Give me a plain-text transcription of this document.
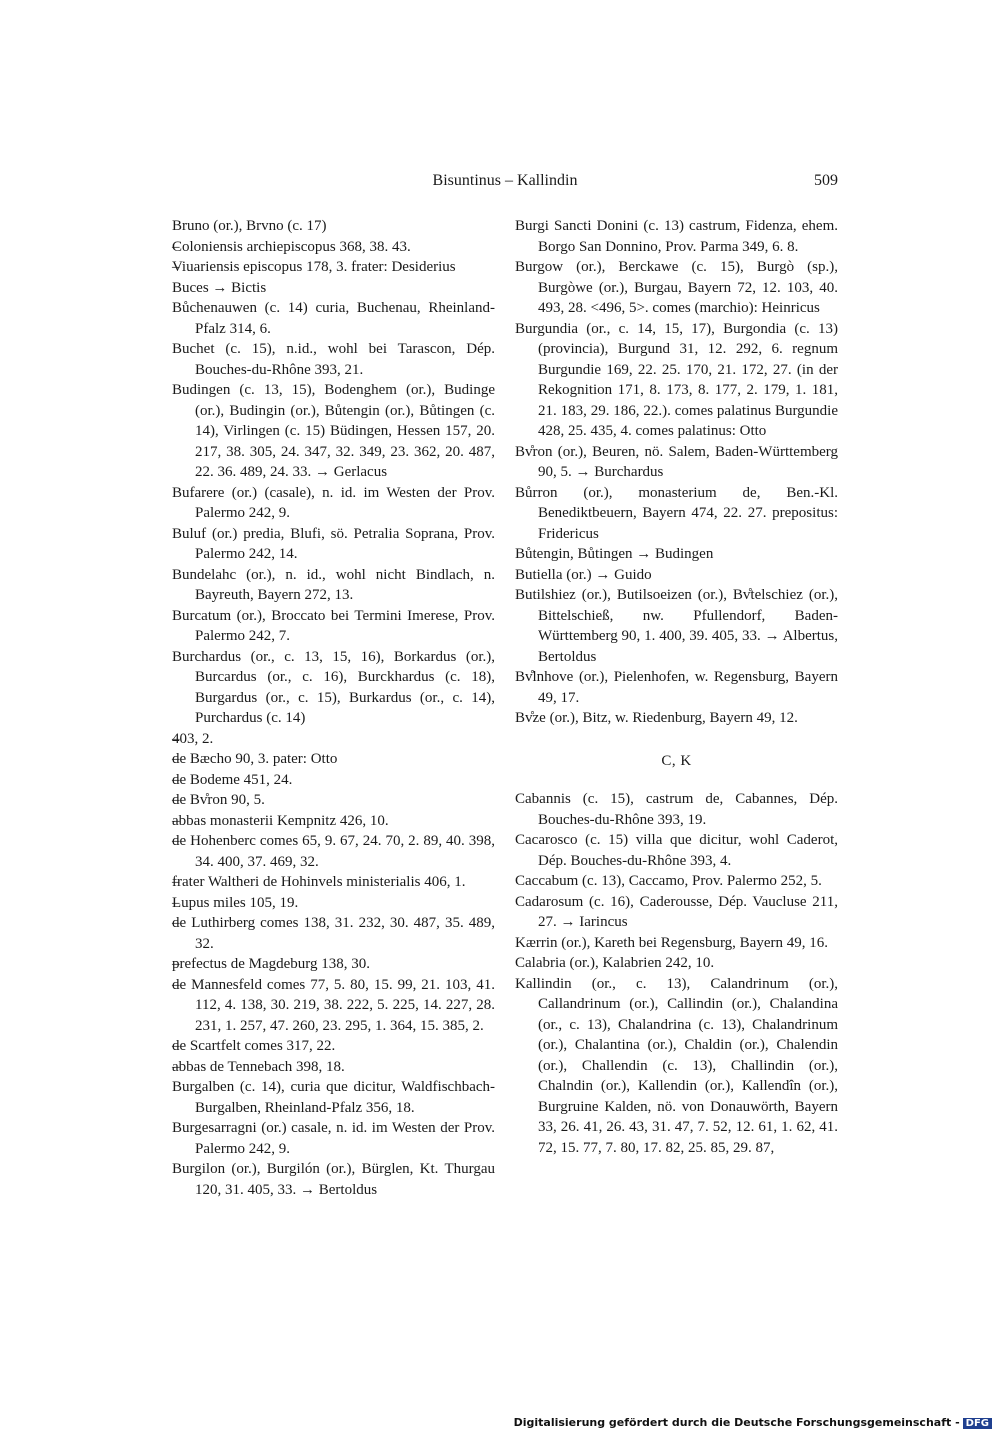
Bisuntinus – Kallindin	509

Bruno (or.), Brvno (c. 17)

– Coloniensis archiepiscopus 368, 38. 43.

– Viuariensis episcopus 178, 3. frater: Desiderius

Buces → Bictis

Bůchenauwen (c. 14) curia, Buchenau, Rheinland-Pfalz 314, 6.

Buchet (c. 15), n.id., wohl bei Tarascon, Dép. Bouches-du-Rhône 393, 21.

Budingen (c. 13, 15), Bodenghem (or.), Budinge (or.), Budingin (or.), Bůtengin (or.), Bůtingen (c. 14), Virlingen (c. 15) Büdingen, Hessen 157, 20. 217, 38. 305, 24. 347, 32. 349, 23. 362, 20. 487, 22. 36. 489, 24. 33. → Gerlacus

Bufarere (or.) (casale), n. id. im Westen der Prov. Palermo 242, 9.

Buluf (or.) predia, Blufi, sö. Petralia Soprana, Prov. Palermo 242, 14.

Bundelahc (or.), n. id., wohl nicht Bindlach, n. Bayreuth, Bayern 272, 13.

Burcatum (or.), Broccato bei Termini Imerese, Prov. Palermo 242, 7.

Burchardus (or., c. 13, 15, 16), Borkardus (or.), Burcardus (or., c. 16), Burckhardus (c. 18), Burgardus (or., c. 15), Burkardus (or., c. 14), Purchardus (c. 14)

– 403, 2.

– de Bæcho 90, 3. pater: Otto

– de Bodeme 451, 24.

– de Bv̊ron 90, 5.

– abbas monasterii Kempnitz 426, 10.

– de Hohenberc comes 65, 9. 67, 24. 70, 2. 89, 40. 398, 34. 400, 37. 469, 32.

– frater Waltheri de Hohinvels ministerialis 406, 1.

– Lupus miles 105, 19.

– de Luthirberg comes 138, 31. 232, 30. 487, 35. 489, 32.

– prefectus de Magdeburg 138, 30.

– de Mannesfeld comes 77, 5. 80, 15. 99, 21. 103, 41. 112, 4. 138, 30. 219, 38. 222, 5. 225, 14. 227, 28. 231, 1. 257, 47. 260, 23. 295, 1. 364, 15. 385, 2.

– de Scartfelt comes 317, 22.

– abbas de Tennebach 398, 18.

Burgalben (c. 14), curia que dicitur, Waldfischbach-Burgalben, Rheinland-Pfalz 356, 18.

Burgesarragni (or.) casale, n. id. im Westen der Prov. Palermo 242, 9.

Burgilon (or.), Burgilón (or.), Bürglen, Kt. Thurgau 120, 31. 405, 33. → Bertoldus

Burgi Sancti Donini (c. 13) castrum, Fidenza, ehem. Borgo San Donnino, Prov. Parma 349, 6. 8.

Burgow (or.), Berckawe (c. 15), Burgò (sp.), Burgòwe (or.), Burgau, Bayern 72, 12. 103, 40. 493, 28. <496, 5>. comes (marchio): Heinricus

Burgundia (or., c. 14, 15, 17), Burgondia (c. 13) (provincia), Burgund 31, 12. 292, 6. regnum Burgundie 169, 22. 25. 170, 21. 172, 27. (in der Rekognition 171, 8. 173, 8. 177, 2. 179, 1. 181, 21. 183, 29. 186, 22.). comes palatinus Burgundie 428, 25. 435, 4. comes palatinus: Otto

Bv̊ron (or.), Beuren, nö. Salem, Baden-Württemberg 90, 5. → Burchardus

Bůrron (or.), monasterium de, Ben.-Kl. Benediktbeuern, Bayern 474, 22. 27. prepositus: Fridericus

Bůtengin, Bůtingen → Budingen

Butiella (or.) → Guido

Butilshiez (or.), Butilsoeizen (or.), Bv̊telschiez (or.), Bittelschieß, nw. Pfullendorf, Baden-Württemberg 90, 1. 400, 39. 405, 33. → Albertus, Bertoldus

Bv̊lnhove (or.), Pielenhofen, w. Regensburg, Bayern 49, 17.

Bv̊ze (or.), Bitz, w. Riedenburg, Bayern 49, 12.

C, K

Cabannis (c. 15), castrum de, Cabannes, Dép. Bouches-du-Rhône 393, 19.

Cacarosco (c. 15) villa que dicitur, wohl Caderot, Dép. Bouches-du-Rhône 393, 4.

Caccabum (c. 13), Caccamo, Prov. Palermo 252, 5.

Cadarosum (c. 16), Caderousse, Dép. Vaucluse 211, 27. → Iarincus

Kærrin (or.), Kareth bei Regensburg, Bayern 49, 16.

Calabria (or.), Kalabrien 242, 10.

Kallindin (or., c. 13), Calandrinum (or.), Callandrinum (or.), Callindin (or.), Chalandina (or., c. 13), Chalandrina (c. 13), Chalandrinum (or.), Chalantina (or.), Chaldin (or.), Chalendin (or.), Challendin (c. 13), Challindin (or.), Chalndin (or.), Kallendin (or.), Kallendîn (or.), Burgruine Kalden, nö. von Donauwörth, Bayern 33, 26. 41, 26. 43, 31. 47, 7. 52, 12. 61, 1. 62, 41. 72, 15. 77, 7. 80, 17. 82, 25. 85, 29. 87,

Digitalisierung gefördert durch die Deutsche Forschungsgemeinschaft - DFG
